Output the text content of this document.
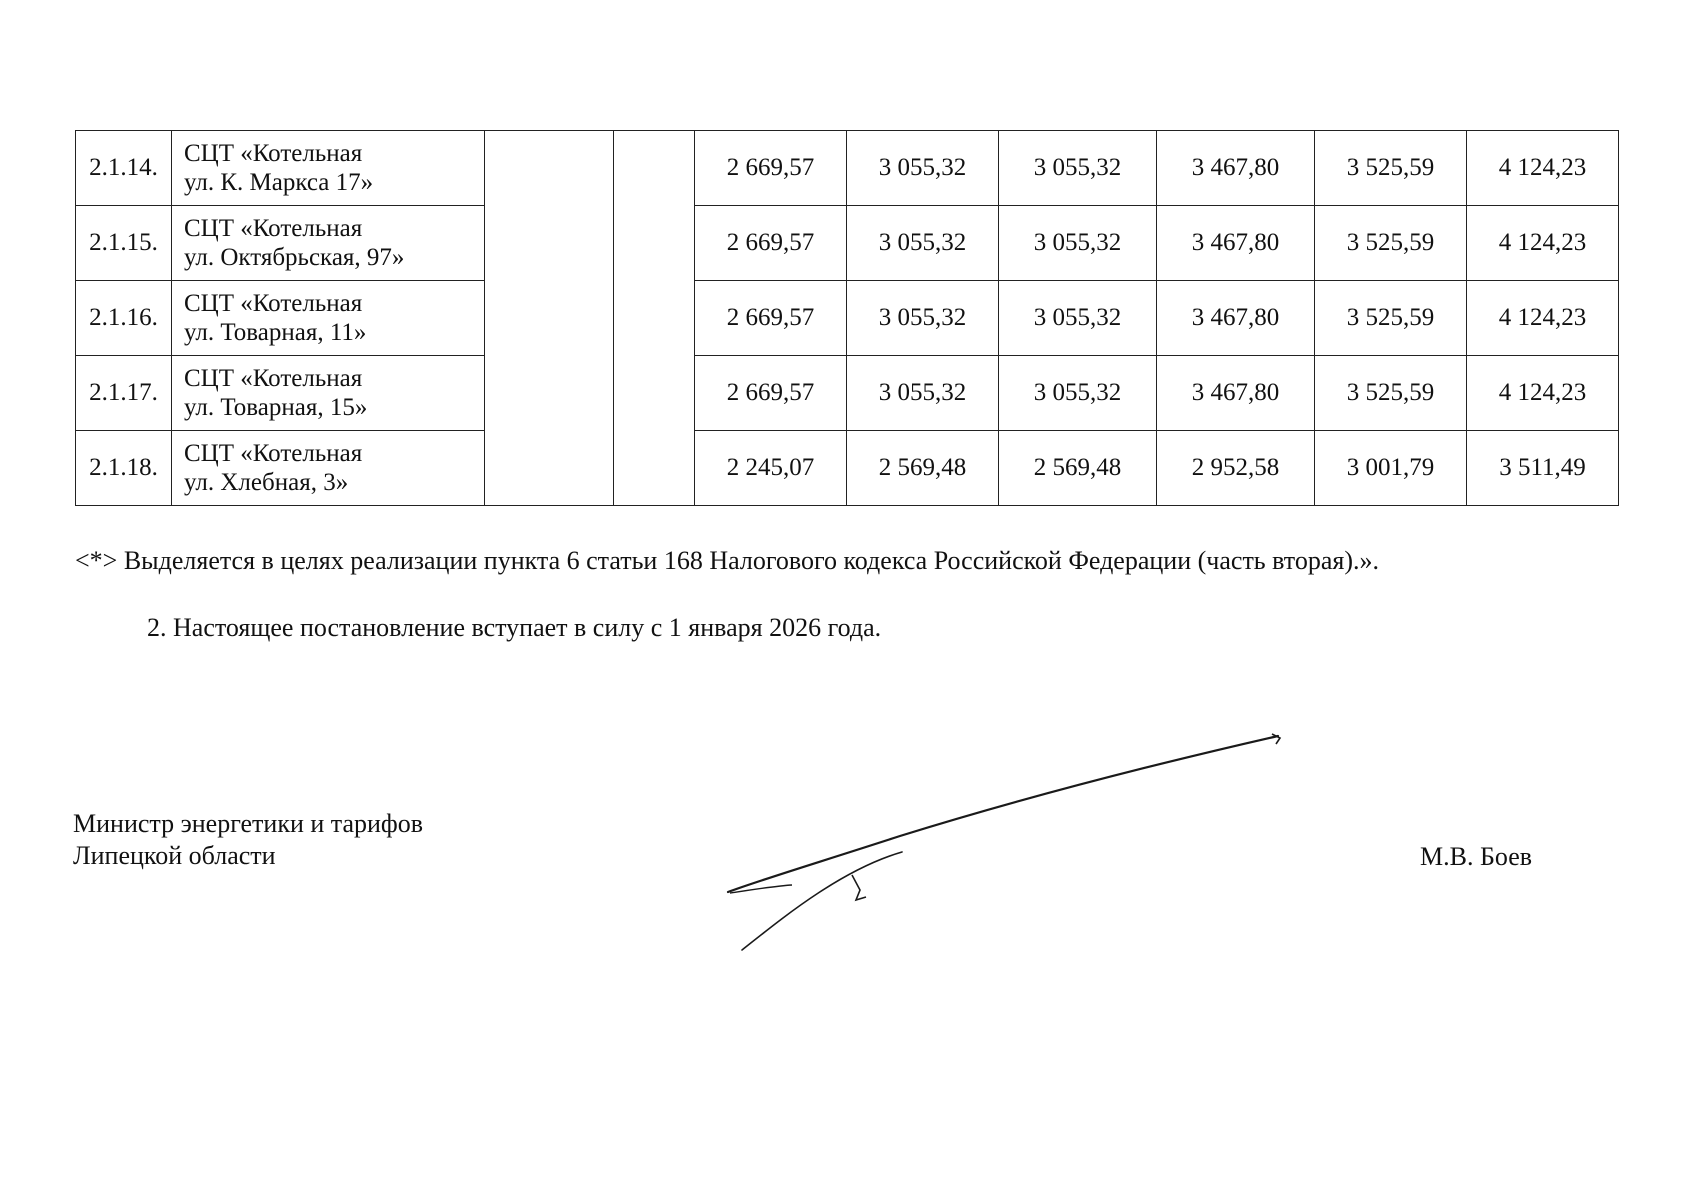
2.1.14.	СЦТ «Котельная
ул. К. Маркса 17»			2 669,57	3 055,32	3 055,32	3 467,80	3 525,59	4 124,23
2.1.15.	СЦТ «Котельная
ул. Октябрьская, 97»			2 669,57	3 055,32	3 055,32	3 467,80	3 525,59	4 124,23
2.1.16.	СЦТ «Котельная
ул. Товарная, 11»			2 669,57	3 055,32	3 055,32	3 467,80	3 525,59	4 124,23
2.1.17.	СЦТ «Котельная
ул. Товарная, 15»			2 669,57	3 055,32	3 055,32	3 467,80	3 525,59	4 124,23
2.1.18.	СЦТ «Котельная
ул. Хлебная, 3»			2 245,07	2 569,48	2 569,48	2 952,58	3 001,79	3 511,49
<*> Выделяется в целях реализации пункта 6 статьи 168 Налогового кодекса Российской Федерации (часть вторая).».
2. Настоящее постановление вступает в силу с 1 января 2026 года.
Министр энергетики и тарифов
Липецкой области	М.В. Боев
